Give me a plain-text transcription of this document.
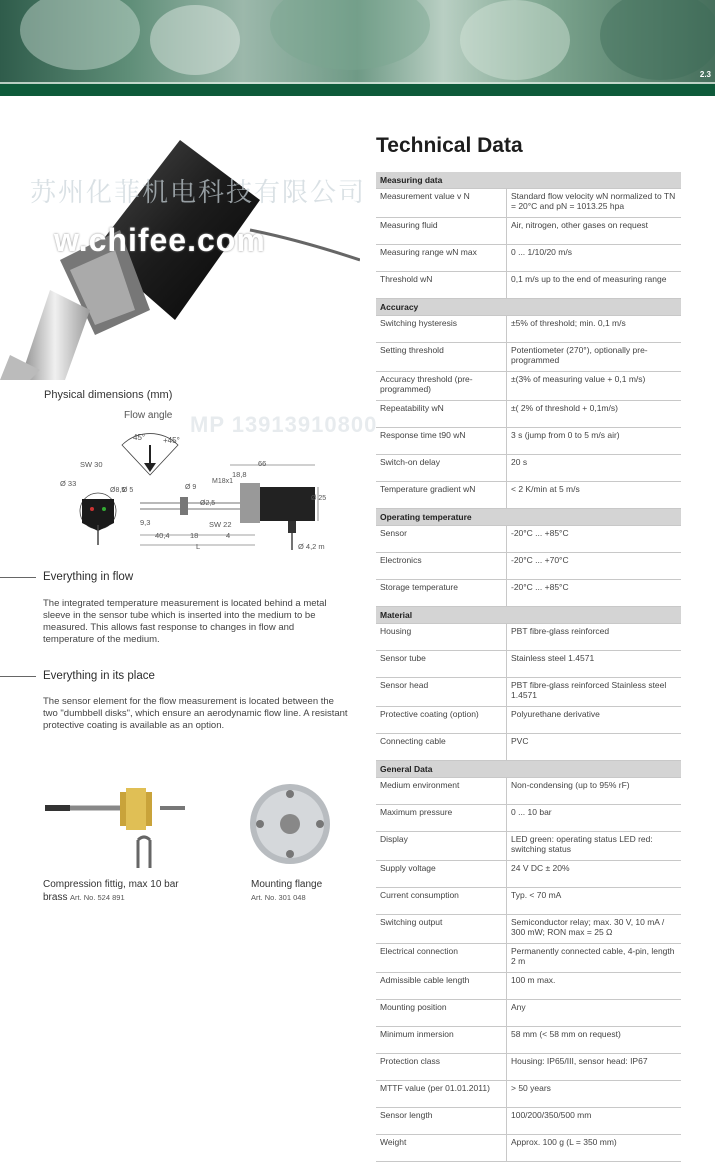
2.3
苏州化菲机电科技有限公司
w.chifee.com
MP 13913910800
Physical dimensions (mm)
Flow angle
45° +45°
SW 30
Ø 33
Ø8,5
Ø 5	Ø 9
M18x1
Ø2,5
Ø 25
66
18,8
9,3	SW 22
40,4	18	4
L	Ø 4,2 m
Everything in flow
The integrated temperature measurement is located behind a metal sleeve in the sensor tube which is inserted into the medium to be measured. This allows fast response to changes in flow and temperature of the medium.
Everything in its place
The sensor element for the flow measurement is located between the two "dumbbell disks", which ensure an aerodynamic flow line. A resistant protective coating is available as an option.
Compression fittig, max 10 bar
brass Art. No. 524 891
Mounting flange
Art. No. 301 048
Technical Data
Measuring data	
Measurement value v N	Standard flow velocity wN normalized to TN = 20°C and pN = 1013.25 hpa
Measuring fluid	Air, nitrogen, other gases on request
Measuring range wN max	0 ... 1/10/20 m/s
Threshold wN	0,1 m/s up to the end of measuring range
Accuracy	
Switching hysteresis	±5% of threshold; min. 0,1 m/s
Setting threshold	Potentiometer (270°), optionally pre-programmed
Accuracy threshold (pre-programmed)	±(3% of measuring value + 0,1 m/s)
Repeatability wN	±( 2% of threshold + 0,1m/s)
Response time t90 wN	3 s (jump from 0 to 5 m/s air)
Switch-on delay	20 s
Temperature gradient wN	< 2 K/min at 5 m/s
Operating temperature	
Sensor	-20°C ... +85°C
Electronics	-20°C ... +70°C
Storage temperature	-20°C ... +85°C
Material	
Housing	PBT fibre-glass reinforced
Sensor tube	Stainless steel 1.4571
Sensor head	PBT fibre-glass reinforced Stainless steel 1.4571
Protective coating (option)	Polyurethane derivative
Connecting cable	PVC
General Data	
Medium environment	Non-condensing (up to 95% rF)
Maximum pressure	0 ... 10 bar
Display	LED green: operating status LED red: switching status
Supply voltage	24 V DC ± 20%
Current consumption	Typ. < 70 mA
Switching output	Semiconductor relay; max. 30 V, 10 mA / 300 mW; RON max = 25 Ω
Electrical connection	Permanently connected cable, 4-pin, length 2 m
Admissible cable length	100 m max.
Mounting position	Any
Minimum inmersion	58 mm (< 58 mm on request)
Protection class	Housing: IP65/III, sensor head: IP67
MTTF value (per 01.01.2011)	> 50 years
Sensor length	100/200/350/500 mm
Weight	Approx. 100 g (L = 350 mm)
